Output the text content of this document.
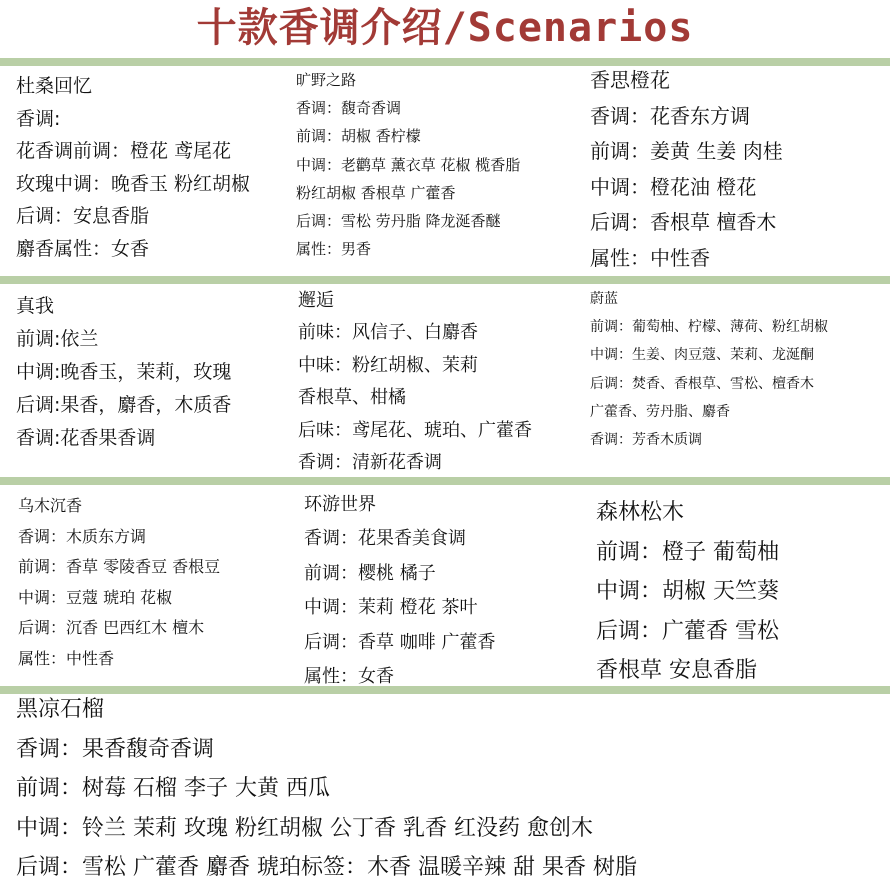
十款香调介绍/Scenarios
杜桑回忆
香调:
花香调前调：橙花 鸢尾花
玫瑰中调：晚香玉 粉红胡椒
后调：安息香脂
麝香属性：女香
旷野之路
香调：馥奇香调
前调：胡椒 香柠檬
中调：老鹳草 薰衣草 花椒 榄香脂
粉红胡椒 香根草 广藿香
后调：雪松 劳丹脂 降龙涎香醚
属性：男香
香思橙花
香调：花香东方调
前调：姜黄 生姜 肉桂
中调：橙花油 橙花
后调：香根草 檀香木
属性：中性香
真我
前调:依兰
中调:晚香玉，茉莉，玫瑰
后调:果香，麝香，木质香
香调:花香果香调
邂逅
前味：风信子、白麝香
中味：粉红胡椒、茉莉
香根草、柑橘
后味：鸢尾花、琥珀、广藿香
香调：清新花香调
蔚蓝
前调：葡萄柚、柠檬、薄荷、粉红胡椒
中调：生姜、肉豆蔻、茉莉、龙涎酮
后调：焚香、香根草、雪松、檀香木
广藿香、劳丹脂、麝香
香调：芳香木质调
乌木沉香
香调：木质东方调
前调：香草 零陵香豆 香根豆
中调：豆蔻 琥珀 花椒
后调：沉香 巴西红木 檀木
属性：中性香
环游世界
香调：花果香美食调
前调：樱桃 橘子
中调：茉莉 橙花 茶叶
后调：香草 咖啡 广藿香
属性：女香
森林松木
前调：橙子 葡萄柚
中调：胡椒 天竺葵
后调：广藿香 雪松
香根草 安息香脂
黑凉石榴
香调：果香馥奇香调
前调：树莓 石榴 李子 大黄 西瓜
中调：铃兰 茉莉 玫瑰 粉红胡椒 公丁香 乳香 红没药 愈创木
后调：雪松 广藿香 麝香 琥珀标签：木香 温暖辛辣 甜 果香 树脂
